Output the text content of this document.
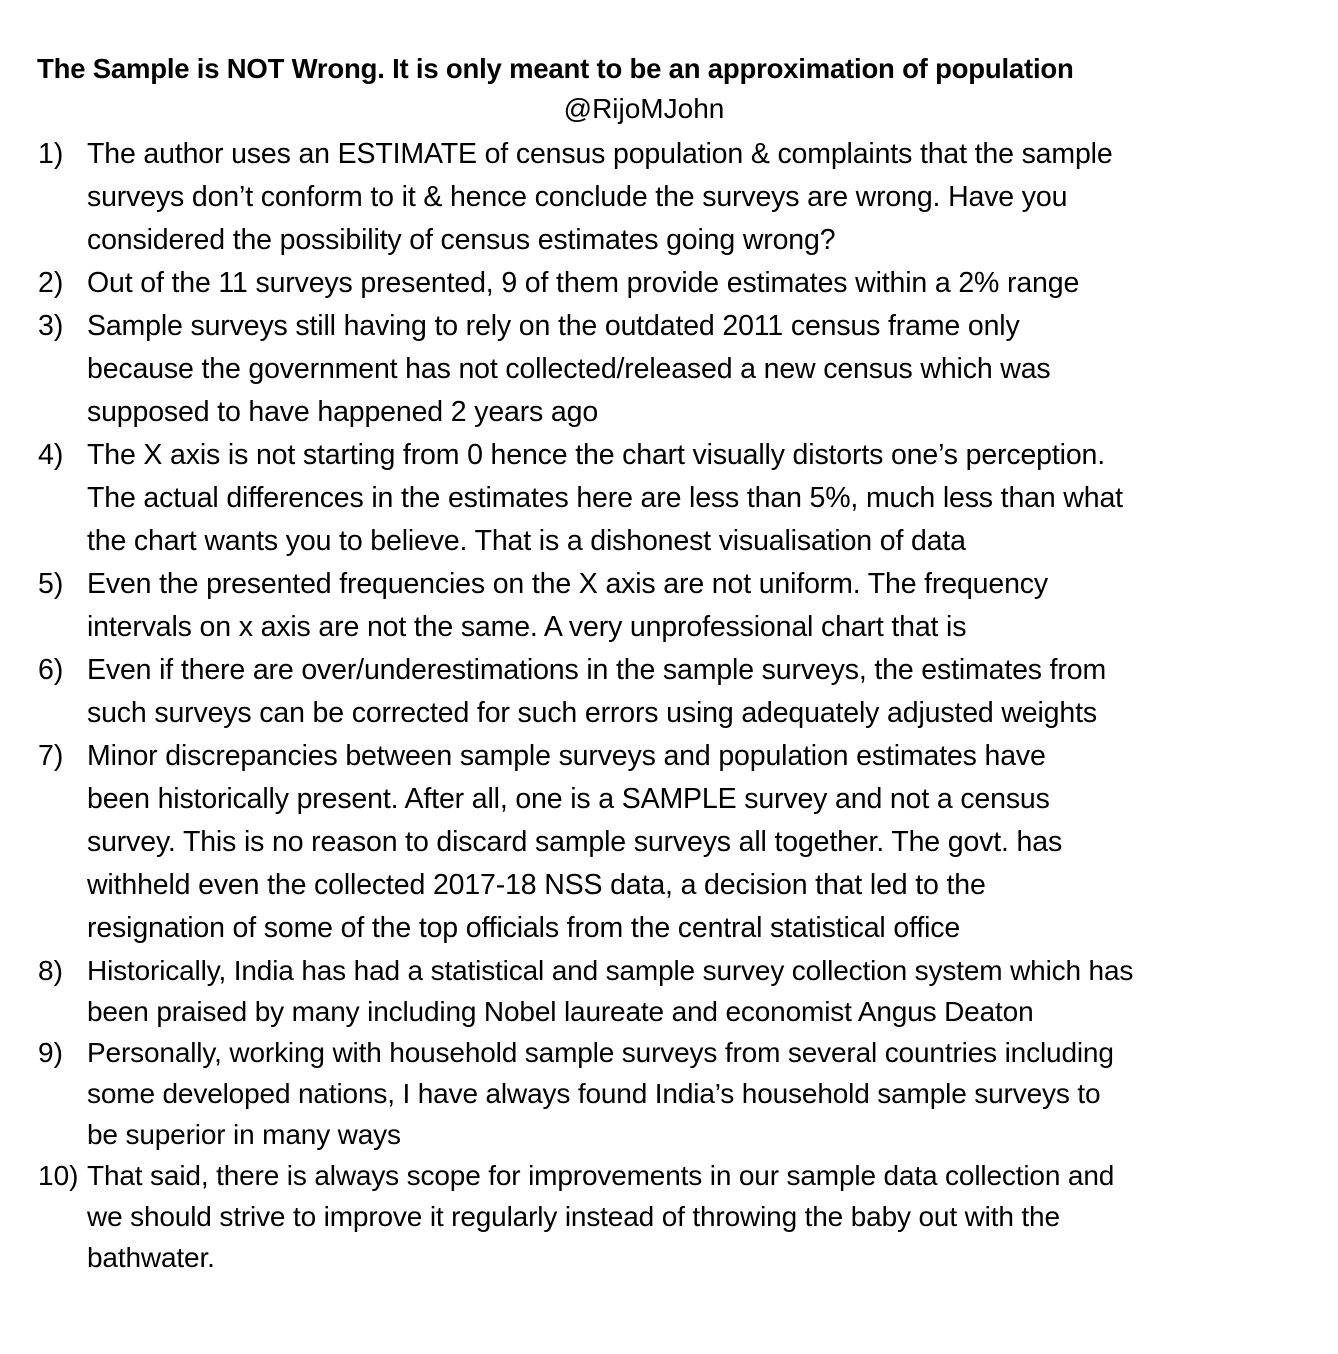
The Sample is NOT Wrong. It is only meant to be an approximation of population
@RijoMJohn
1) The author uses an ESTIMATE of census population & complaints that the sample
surveys don’t conform to it & hence conclude the surveys are wrong. Have you
considered the possibility of census estimates going wrong?
2) Out of the 11 surveys presented, 9 of them provide estimates within a 2% range
3) Sample surveys still having to rely on the outdated 2011 census frame only
because the government has not collected/released a new census which was
supposed to have happened 2 years ago
4) The X axis is not starting from 0 hence the chart visually distorts one’s perception.
The actual differences in the estimates here are less than 5%, much less than what
the chart wants you to believe. That is a dishonest visualisation of data
5) Even the presented frequencies on the X axis are not uniform. The frequency
intervals on x axis are not the same. A very unprofessional chart that is
6) Even if there are over/underestimations in the sample surveys, the estimates from
such surveys can be corrected for such errors using adequately adjusted weights
7) Minor discrepancies between sample surveys and population estimates have
been historically present. After all, one is a SAMPLE survey and not a census
survey. This is no reason to discard sample surveys all together. The govt. has
withheld even the collected 2017-18 NSS data, a decision that led to the
resignation of some of the top officials from the central statistical office
8) Historically, India has had a statistical and sample survey collection system which has
been praised by many including Nobel laureate and economist Angus Deaton
9) Personally, working with household sample surveys from several countries including
some developed nations, I have always found India’s household sample surveys to
be superior in many ways
10) That said, there is always scope for improvements in our sample data collection and
we should strive to improve it regularly instead of throwing the baby out with the
bathwater.
